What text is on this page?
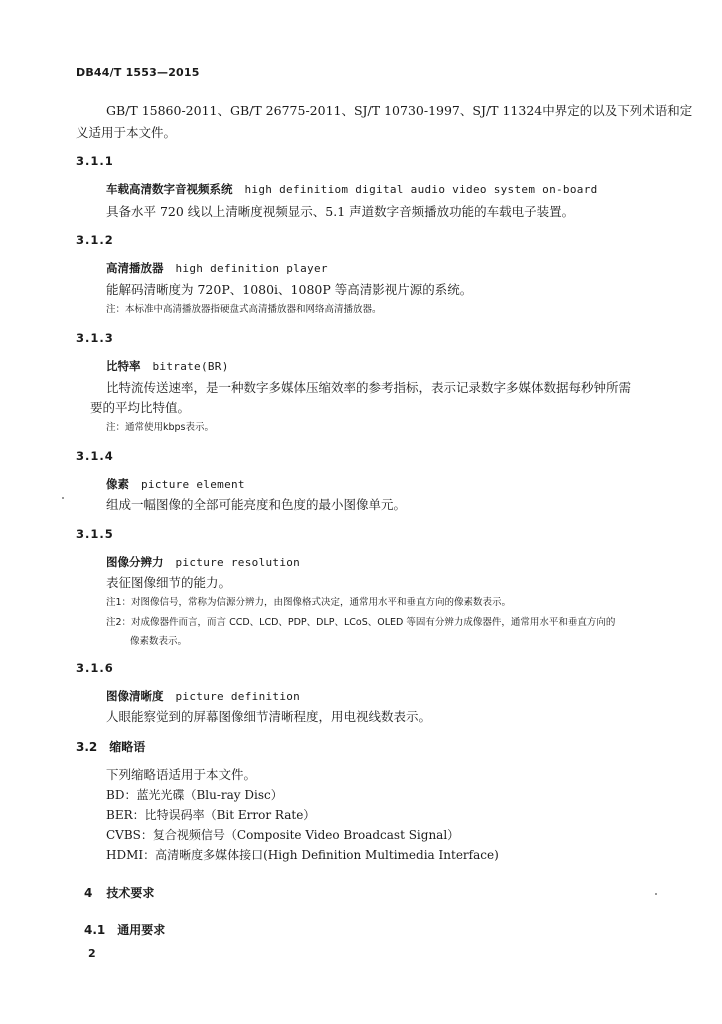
DB44/T 1553—2015
GB/T 15860-2011、GB/T 26775-2011、SJ/T 10730-1997、SJ/T 11324中界定的以及下列术语和定
义适用于本文件。
3.1.1
车载高清数字音视频系统 high definitiom digital audio video system on-board
具备水平 720 线以上清晰度视频显示、5.1 声道数字音频播放功能的车载电子装置。
3.1.2
高清播放器 high definition player
能解码清晰度为 720P、1080i、1080P 等高清影视片源的系统。
注：本标准中高清播放器指硬盘式高清播放器和网络高清播放器。
3.1.3
比特率 bitrate(BR)
比特流传送速率，是一种数字多媒体压缩效率的参考指标，表示记录数字多媒体数据每秒钟所需
要的平均比特值。
注：通常使用kbps表示。
3.1.4
像素 picture element
组成一幅图像的全部可能亮度和色度的最小图像单元。
3.1.5
图像分辨力 picture resolution
表征图像细节的能力。
注1：对图像信号，常称为信源分辨力，由图像格式决定，通常用水平和垂直方向的像素数表示。
注2：对成像器件而言，而言 CCD、LCD、PDP、DLP、LCoS、OLED 等固有分辨力成像器件，通常用水平和垂直方向的
像素数表示。
3.1.6
图像清晰度 picture definition
人眼能察觉到的屏幕图像细节清晰程度，用电视线数表示。
3.2 缩略语
下列缩略语适用于本文件。
BD：蓝光光碟（Blu-ray Disc）
BER：比特误码率（Bit Error Rate）
CVBS：复合视频信号（Composite Video Broadcast Signal）
HDMI：高清晰度多媒体接口(High Definition Multimedia Interface)
4 技术要求
4.1 通用要求
2
